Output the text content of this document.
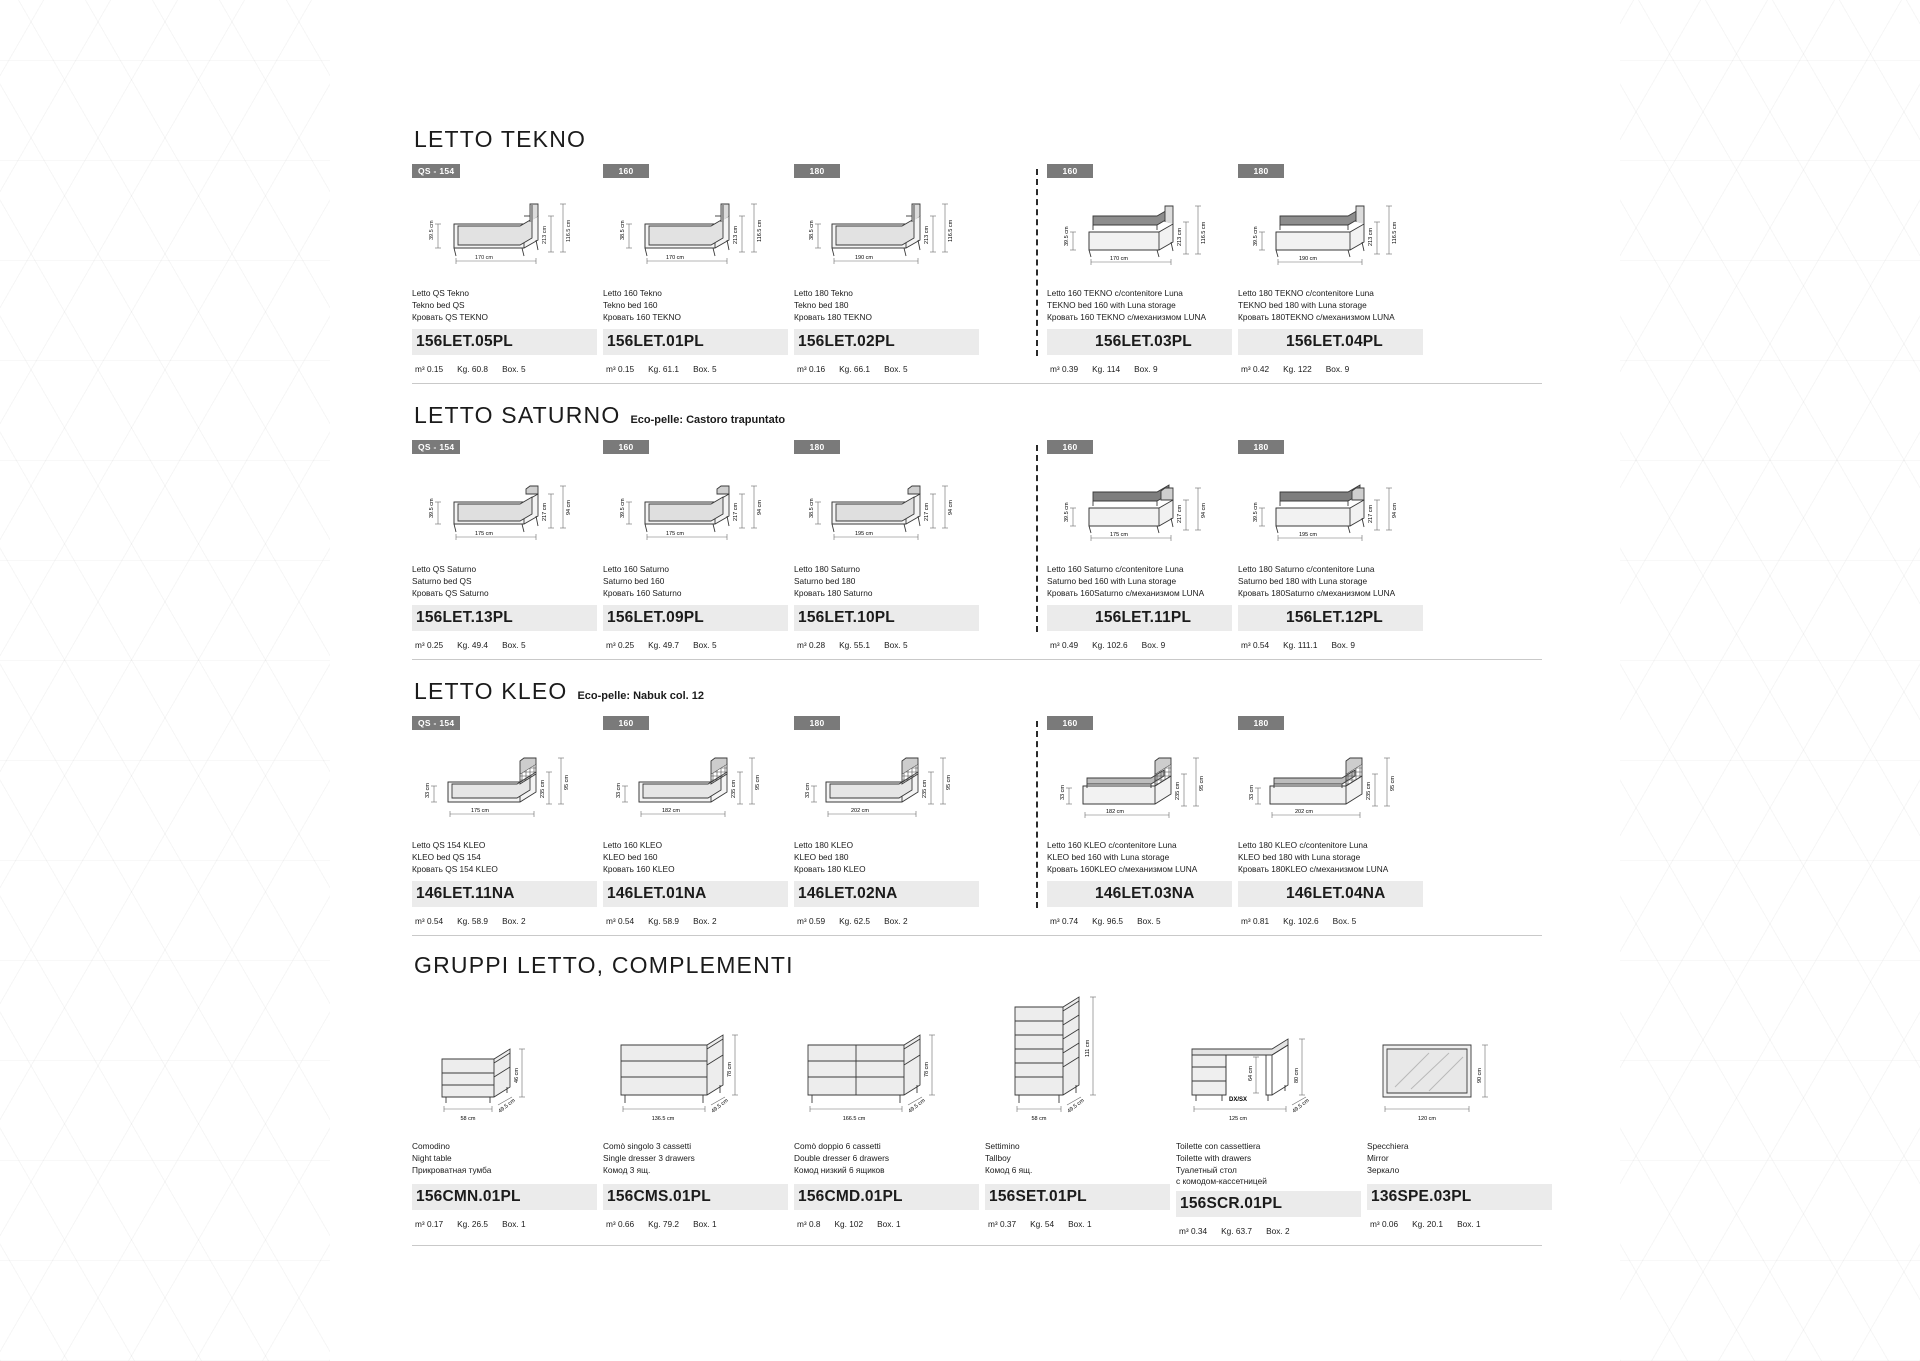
LETTO TEKNO
QS - 154
39.5 cm
170 cm
213 cm	116.5 cm
Letto QS Tekno
Tekno bed QS
Кровать QS TEKNO
156LET.05PL
m³ 0.15 Kg. 60.8 Box. 5
160
38.5 cm
170 cm
213 cm	116.5 cm
Letto 160 Tekno
Tekno bed 160
Кровать 160 TEKNO
156LET.01PL
m³ 0.15 Kg. 61.1 Box. 5
180
38.5 cm
190 cm
213 cm	116.5 cm
Letto 180 Tekno
Tekno bed 180
Кровать 180 TEKNO
156LET.02PL
m³ 0.16 Kg. 66.1 Box. 5
160
39.5 cm
170 cm
213 cm	116.5 cm
Letto 160 TEKNO c/contenitore Luna
TEKNO bed 160 with Luna storage
Кровать 160 TEKNO с/механизмом LUNA
156LET.03PL
m³ 0.39 Kg. 114 Box. 9
180
39.5 cm
190 cm
213 cm	116.5 cm
Letto 180 TEKNO c/contenitore Luna
TEKNO bed 180 with Luna storage
Кровать 180TEKNO с/механизмом LUNA
156LET.04PL
m³ 0.42 Kg. 122 Box. 9
LETTO SATURNO Eco-pelle: Castoro trapuntato
QS - 154
39.5 cm
175 cm
217 cm	94 cm
Letto QS Saturno
Saturno bed QS
Кровать QS Saturno
156LET.13PL
m³ 0.25 Kg. 49.4 Box. 5
160
39.5 cm
175 cm
217 cm	94 cm
Letto 160 Saturno
Saturno bed 160
Кровать 160 Saturno
156LET.09PL
m³ 0.25 Kg. 49.7 Box. 5
180
38.5 cm
195 cm
217 cm	94 cm
Letto 180 Saturno
Saturno bed 180
Кровать 180 Saturno
156LET.10PL
m³ 0.28 Kg. 55.1 Box. 5
160
39.5 cm
175 cm
217 cm	94 cm
Letto 160 Saturno c/contenitore Luna
Saturno bed 160 with Luna storage
Кровать 160Saturno с/механизмом LUNA
156LET.11PL
m³ 0.49 Kg. 102.6 Box. 9
180
39.5 cm
195 cm
217 cm	94 cm
Letto 180 Saturno c/contenitore Luna
Saturno bed 180 with Luna storage
Кровать 180Saturno с/механизмом LUNA
156LET.12PL
m³ 0.54 Kg. 111.1 Box. 9
LETTO KLEO Eco-pelle: Nabuk col. 12
QS - 154
33 cm
175 cm
235 cm	95 cm
Letto QS 154 KLEO
KLEO bed QS 154
Кровать QS 154 KLEO
146LET.11NA
m³ 0.54 Kg. 58.9 Box. 2
160
33 cm
182 cm
235 cm	95 cm
Letto 160 KLEO
KLEO bed 160
Кровать 160 KLEO
146LET.01NA
m³ 0.54 Kg. 58.9 Box. 2
180
33 cm
202 cm
235 cm	95 cm
Letto 180 KLEO
KLEO bed 180
Кровать 180 KLEO
146LET.02NA
m³ 0.59 Kg. 62.5 Box. 2
160
33 cm
182 cm
235 cm	95 cm
Letto 160 KLEO c/contenitore Luna
KLEO bed 160 with Luna storage
Кровать 160KLEO с/механизмом LUNA
146LET.03NA
m³ 0.74 Kg. 96.5 Box. 5
180
33 cm
202 cm
235 cm	95 cm
Letto 180 KLEO c/contenitore Luna
KLEO bed 180 with Luna storage
Кровать 180KLEO с/механизмом LUNA
146LET.04NA
m³ 0.81 Kg. 102.6 Box. 5
GRUPPI LETTO, COMPLEMENTI
58 cm
49.5 cm
46 cm
Comodino
Night table
Прикроватная тумба
156CMN.01PL
m³ 0.17 Kg. 26.5 Box. 1
136.5 cm
49.5 cm
78 cm
Comò singolo 3 cassetti
Single dresser 3 drawers
Комод 3 ящ.
156CMS.01PL
m³ 0.66 Kg. 79.2 Box. 1
166.5 cm
49.5 cm
78 cm
Comò doppio 6 cassetti
Double dresser 6 drawers
Комод низкий 6 ящиков
156CMD.01PL
m³ 0.8 Kg. 102 Box. 1
58 cm
49.5 cm
111 cm
Settimino
Tallboy
Комод 6 ящ.
156SET.01PL
m³ 0.37 Kg. 54 Box. 1
125 cm
49.5 cm
80 cm
64 cm
DX/SX
Toilette con cassettiera
Toilette with drawers
Туалетный стол
с комодом-кассетницей
156SCR.01PL
m³ 0.34 Kg. 63.7 Box. 2
120 cm
90 cm
Specchiera
Mirror
Зеркало
136SPE.03PL
m³ 0.06 Kg. 20.1 Box. 1
